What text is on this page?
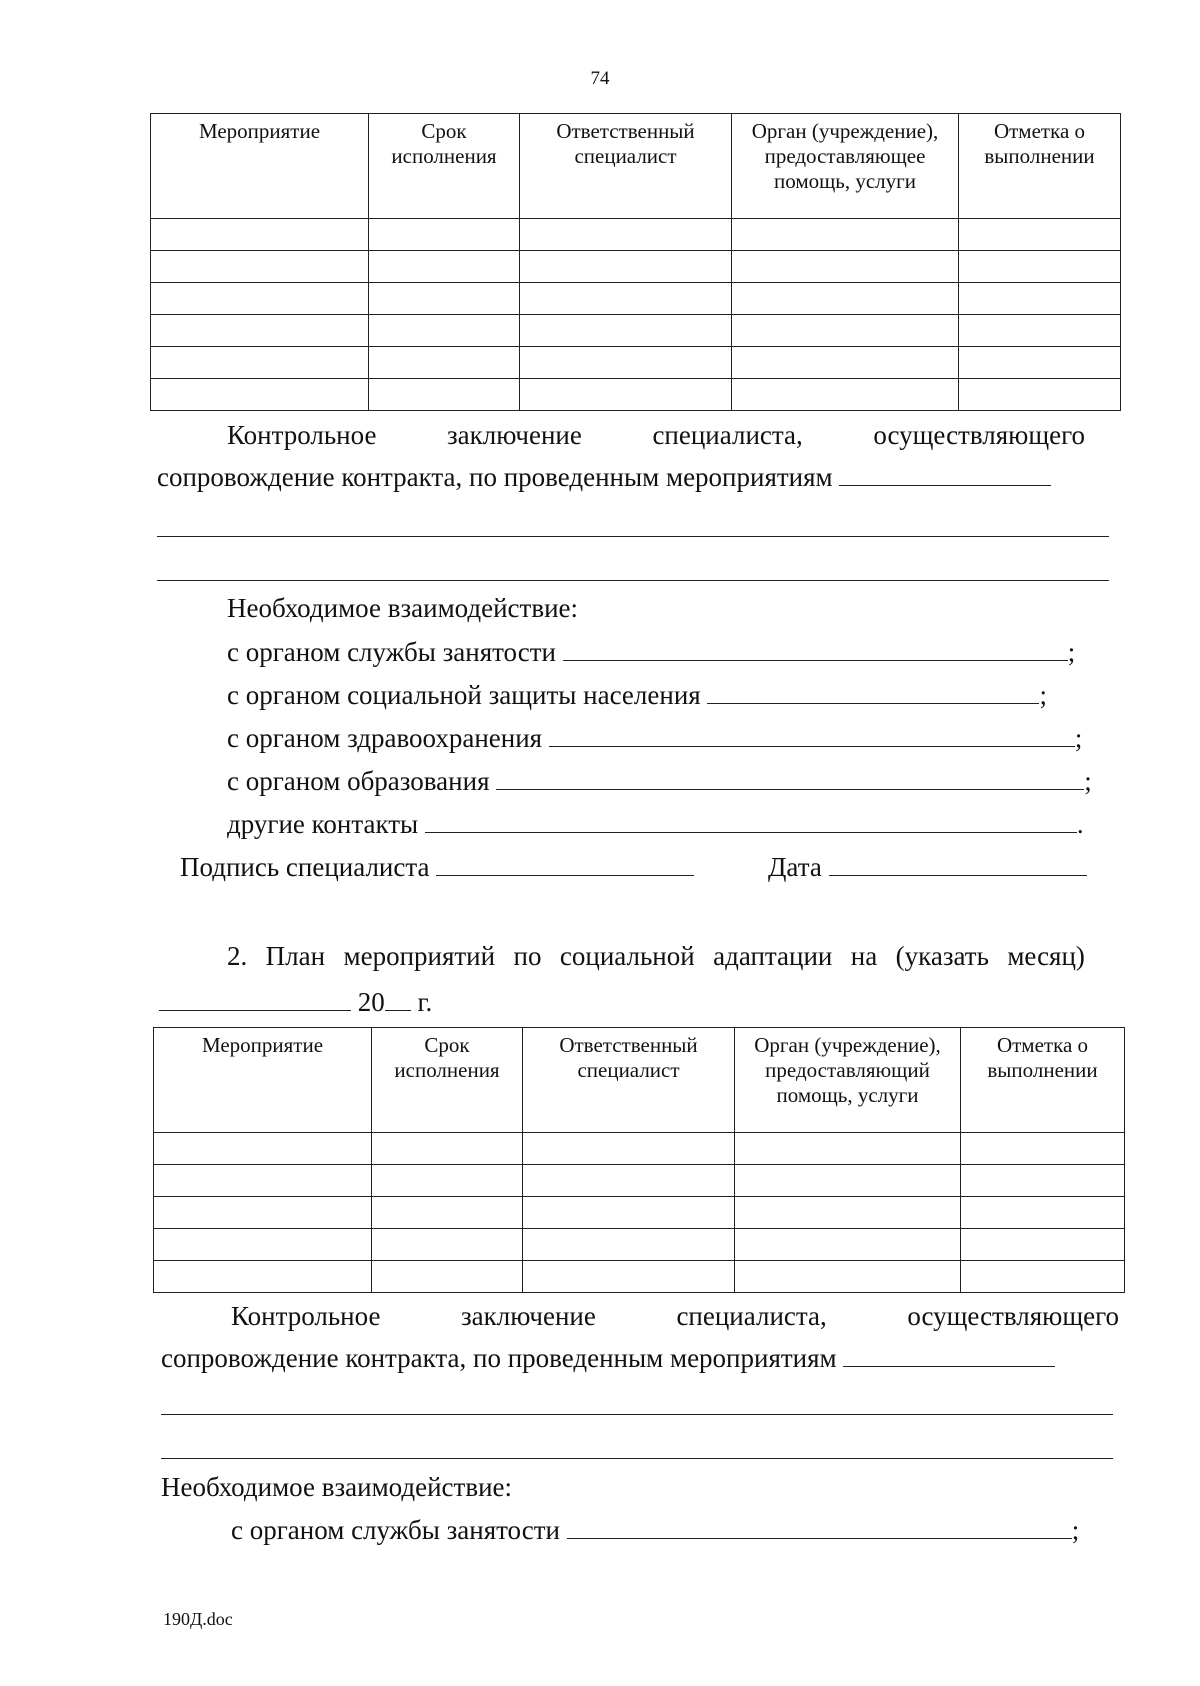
74
Мероприятие	Срок исполнения	Ответственный специалист	Орган (учреждение), предоставляющее помощь, услуги	Отметка о выполнении

Контрольное	заключение	специалиста,	осуществляющего
сопровождение контракта, по проведенным мероприятиям
Необходимое взаимодействие:
с органом службы занятости	;
с органом социальной защиты населения	;
с органом здравоохранения	;
с органом образования	;
другие контакты	.
Подпись специалиста	Дата
2. План мероприятий по социальной адаптации на (указать месяц)
20 г.
Мероприятие	Срок исполнения	Ответственный специалист	Орган (учреждение), предоставляющий помощь, услуги	Отметка о выполнении

Контрольное	заключение	специалиста,	осуществляющего
сопровождение контракта, по проведенным мероприятиям
Необходимое взаимодействие:
с органом службы занятости	;
190Д.doc
